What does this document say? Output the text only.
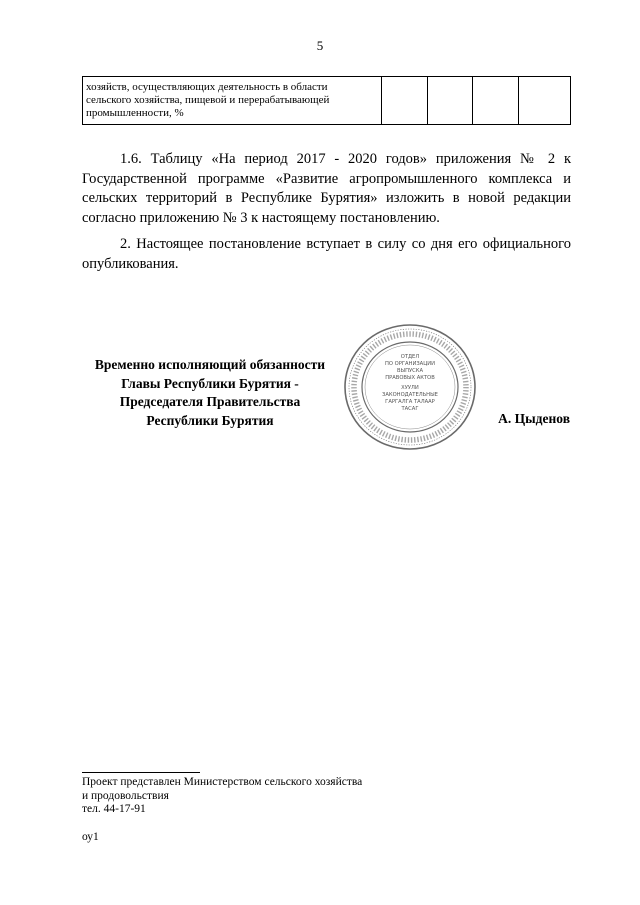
5
хозяйств, осуществляющих деятельность в области
сельского хозяйства, пищевой и перерабатывающей
промышленности, %

1.6. Таблицу «На период 2017 - 2020 годов» приложения № 2 к Государственной программе «Развитие агропромышленного комплекса и сельских территорий в Республике Бурятия» изложить в новой редакции согласно приложению № 3 к настоящему постановлению.
2. Настоящее постановление вступает в силу со дня его официального опубликования.
Временно исполняющий обязанности
Главы Республики Бурятия -
Председателя Правительства
Республики Бурятия
ОТДЕЛ
ПО ОРГАНИЗАЦИИ
ВЫПУСКА
ПРАВОВЫХ АКТОВ
ХУУЛИ
ЗАКОНОДАТЕЛЬНЫЕ
ГАРГАЛГА ТАЛААР
ТАСАГ
А. Цыденов
Проект представлен Министерством сельского хозяйства
и продовольствия
тел. 44-17-91
оу1
